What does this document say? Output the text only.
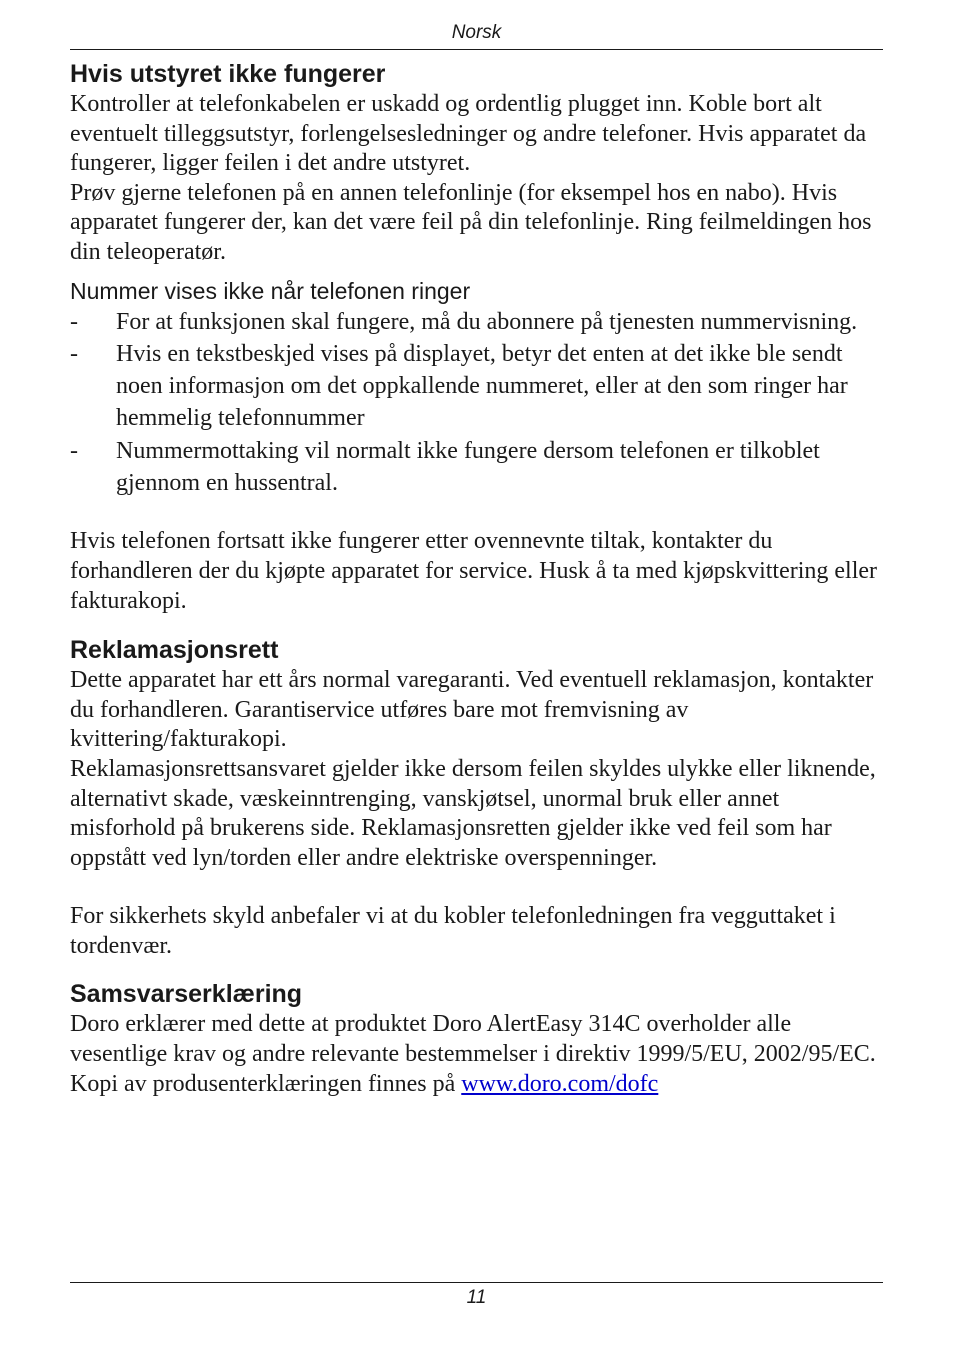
Norsk
Hvis utstyret ikke fungerer

Kontroller at telefonkabelen er uskadd og ordentlig plugget inn. Koble bort alt eventuelt tilleggsutstyr, forlengelsesledninger og andre telefoner. Hvis apparatet da fungerer, ligger feilen i det andre utstyret.

Prøv gjerne telefonen på en annen telefonlinje (for eksempel hos en nabo). Hvis apparatet fungerer der, kan det være feil på din telefonlinje. Ring feilmeldingen hos din teleoperatør.

Nummer vises ikke når telefonen ringer
- For at funksjonen skal fungere, må du abonnere på tjenesten nummervisning.
- Hvis en tekstbeskjed vises på displayet, betyr det enten at det ikke ble sendt noen informasjon om det oppkallende nummeret, eller at den som ringer har hemmelig telefonnummer
- Nummermottaking vil normalt ikke fungere dersom telefonen er tilkoblet gjennom en hussentral.

Hvis telefonen fortsatt ikke fungerer etter ovennevnte tiltak, kontakter du forhandleren der du kjøpte apparatet for service. Husk å ta med kjøpskvittering eller fakturakopi.

Reklamasjonsrett

Dette apparatet har ett års normal varegaranti. Ved eventuell reklamasjon, kontakter du forhandleren. Garantiservice utføres bare mot fremvisning av kvittering/fakturakopi.

Reklamasjonsrettsansvaret gjelder ikke dersom feilen skyldes ulykke eller liknende, alternativt skade, væskeinntrenging, vanskjøtsel, unormal bruk eller annet misforhold på brukerens side. Reklamasjonsretten gjelder ikke ved feil som har oppstått ved lyn/torden eller andre elektriske overspenninger.

For sikkerhets skyld anbefaler vi at du kobler telefonledningen fra vegguttaket i tordenvær.

Samsvarserklæring

Doro erklærer med dette at produktet Doro AlertEasy 314C overholder alle vesentlige krav og andre relevante bestemmelser i direktiv 1999/5/EU, 2002/95/EC. Kopi av produsenterklæringen finnes på www.doro.com/dofc

11
